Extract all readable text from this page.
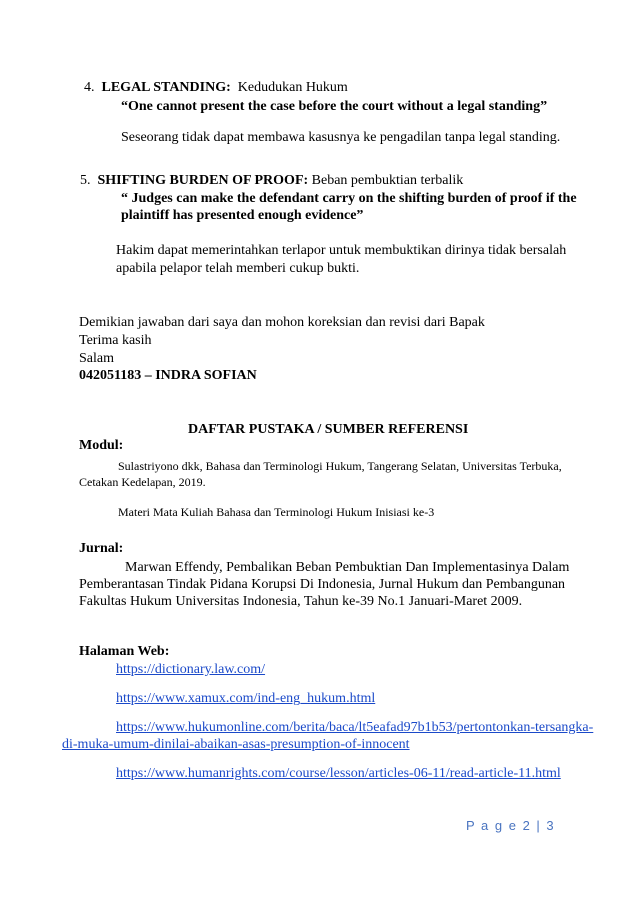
4. LEGAL STANDING: Kedudukan Hukum
“One cannot present the case before the court without a legal standing”
Seseorang tidak dapat membawa kasusnya ke pengadilan tanpa legal standing.
5. SHIFTING BURDEN OF PROOF: Beban pembuktian terbalik
“ Judges can make the defendant carry on the shifting burden of proof if the
plaintiff has presented enough evidence”
Hakim dapat memerintahkan terlapor untuk membuktikan dirinya tidak bersalah
apabila pelapor telah memberi cukup bukti.
Demikian jawaban dari saya dan mohon koreksian dan revisi dari Bapak
Terima kasih
Salam
042051183 – INDRA SOFIAN
DAFTAR PUSTAKA / SUMBER REFERENSI
Modul:
Sulastriyono dkk, Bahasa dan Terminologi Hukum, Tangerang Selatan, Universitas Terbuka,
Cetakan Kedelapan, 2019.
Materi Mata Kuliah Bahasa dan Terminologi Hukum Inisiasi ke-3
Jurnal:
Marwan Effendy, Pembalikan Beban Pembuktian Dan Implementasinya Dalam
Pemberantasan Tindak Pidana Korupsi Di Indonesia, Jurnal Hukum dan Pembangunan
Fakultas Hukum Universitas Indonesia, Tahun ke-39 No.1 Januari-Maret 2009.
Halaman Web:
https://dictionary.law.com/
https://www.xamux.com/ind-eng_hukum.html
https://www.hukumonline.com/berita/baca/lt5eafad97b1b53/pertontonkan-tersangka-
di-muka-umum-dinilai-abaikan-asas-presumption-of-innocent
https://www.humanrights.com/course/lesson/articles-06-11/read-article-11.html
P a g e 2 | 3
